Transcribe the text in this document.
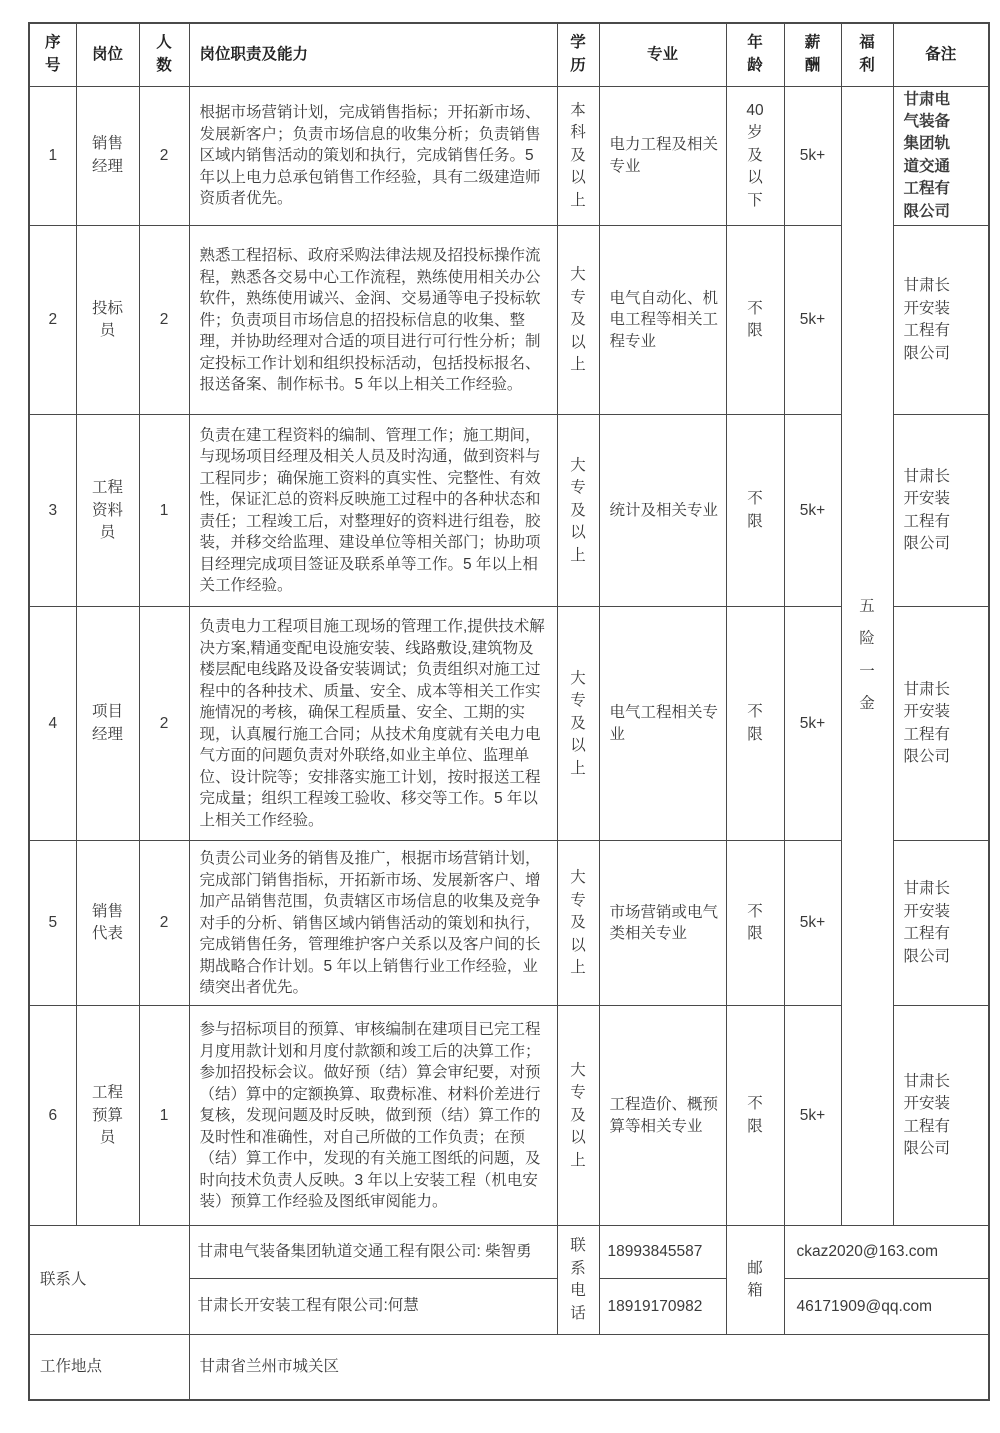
序号	岗位	人数	岗位职责及能力	学历	专业	年龄	薪酬	福利	备注
1	销售经理	2	根据市场营销计划，完成销售指标；开拓新市场、发展新客户；负责市场信息的收集分析；负责销售区域内销售活动的策划和执行，完成销售任务。5 年以上电力总承包销售工作经验，具有二级建造师资质者优先。	本科及以上	电力工程及相关专业	40岁及以下	5k+	五险一金	甘肃电气装备集团轨道交通工程有限公司
2	投标员	2	熟悉工程招标、政府采购法律法规及招投标操作流程，熟悉各交易中心工作流程，熟练使用相关办公软件，熟练使用诚兴、金润、交易通等电子投标软件；负责项目市场信息的招投标信息的收集、整理，并协助经理对合适的项目进行可行性分析；制定投标工作计划和组织投标活动，包括投标报名、报送备案、制作标书。5 年以上相关工作经验。	大专及以上	电气自动化、机电工程等相关工程专业	不限	5k+		甘肃长开安装工程有限公司
3	工程资料员	1	负责在建工程资料的编制、管理工作；施工期间，与现场项目经理及相关人员及时沟通，做到资料与工程同步；确保施工资料的真实性、完整性、有效性，保证汇总的资料反映施工过程中的各种状态和责任；工程竣工后，对整理好的资料进行组卷，胶装，并移交给监理、建设单位等相关部门；协助项目经理完成项目签证及联系单等工作。5 年以上相关工作经验。	大专及以上	统计及相关专业	不限	5k+		甘肃长开安装工程有限公司
4	项目经理	2	负责电力工程项目施工现场的管理工作,提供技术解决方案,精通变配电设施安装、线路敷设,建筑物及楼层配电线路及设备安装调试；负责组织对施工过程中的各种技术、质量、安全、成本等相关工作实施情况的考核，确保工程质量、安全、工期的实现，认真履行施工合同；从技术角度就有关电力电气方面的问题负责对外联络,如业主单位、监理单位、设计院等；安排落实施工计划，按时报送工程完成量；组织工程竣工验收、移交等工作。5 年以上相关工作经验。	大专及以上	电气工程相关专业	不限	5k+		甘肃长开安装工程有限公司
5	销售代表	2	负责公司业务的销售及推广，根据市场营销计划，完成部门销售指标，开拓新市场、发展新客户、增加产品销售范围，负责辖区市场信息的收集及竞争对手的分析、销售区域内销售活动的策划和执行，完成销售任务，管理维护客户关系以及客户间的长期战略合作计划。5 年以上销售行业工作经验，业绩突出者优先。	大专及以上	市场营销或电气类相关专业	不限	5k+		甘肃长开安装工程有限公司
6	工程预算员	1	参与招标项目的预算、审核编制在建项目已完工程月度用款计划和月度付款额和竣工后的决算工作；参加招投标会议。做好预（结）算会审纪要，对预（结）算中的定额换算、取费标准、材料价差进行复核，发现问题及时反映，做到预（结）算工作的及时性和准确性，对自己所做的工作负责；在预（结）算工作中，发现的有关施工图纸的问题，及时向技术负责人反映。3 年以上安装工程（机电安装）预算工作经验及图纸审阅能力。	大专及以上	工程造价、概预算等相关专业	不限	5k+		甘肃长开安装工程有限公司
联系人			甘肃电气装备集团轨道交通工程有限公司: 柴智勇	联系电话	18993845587	邮箱	ckaz2020@163.com		
			甘肃长开安装工程有限公司:何慧		18919170982		46171909@qq.com		
工作地点			甘肃省兰州市城关区						
